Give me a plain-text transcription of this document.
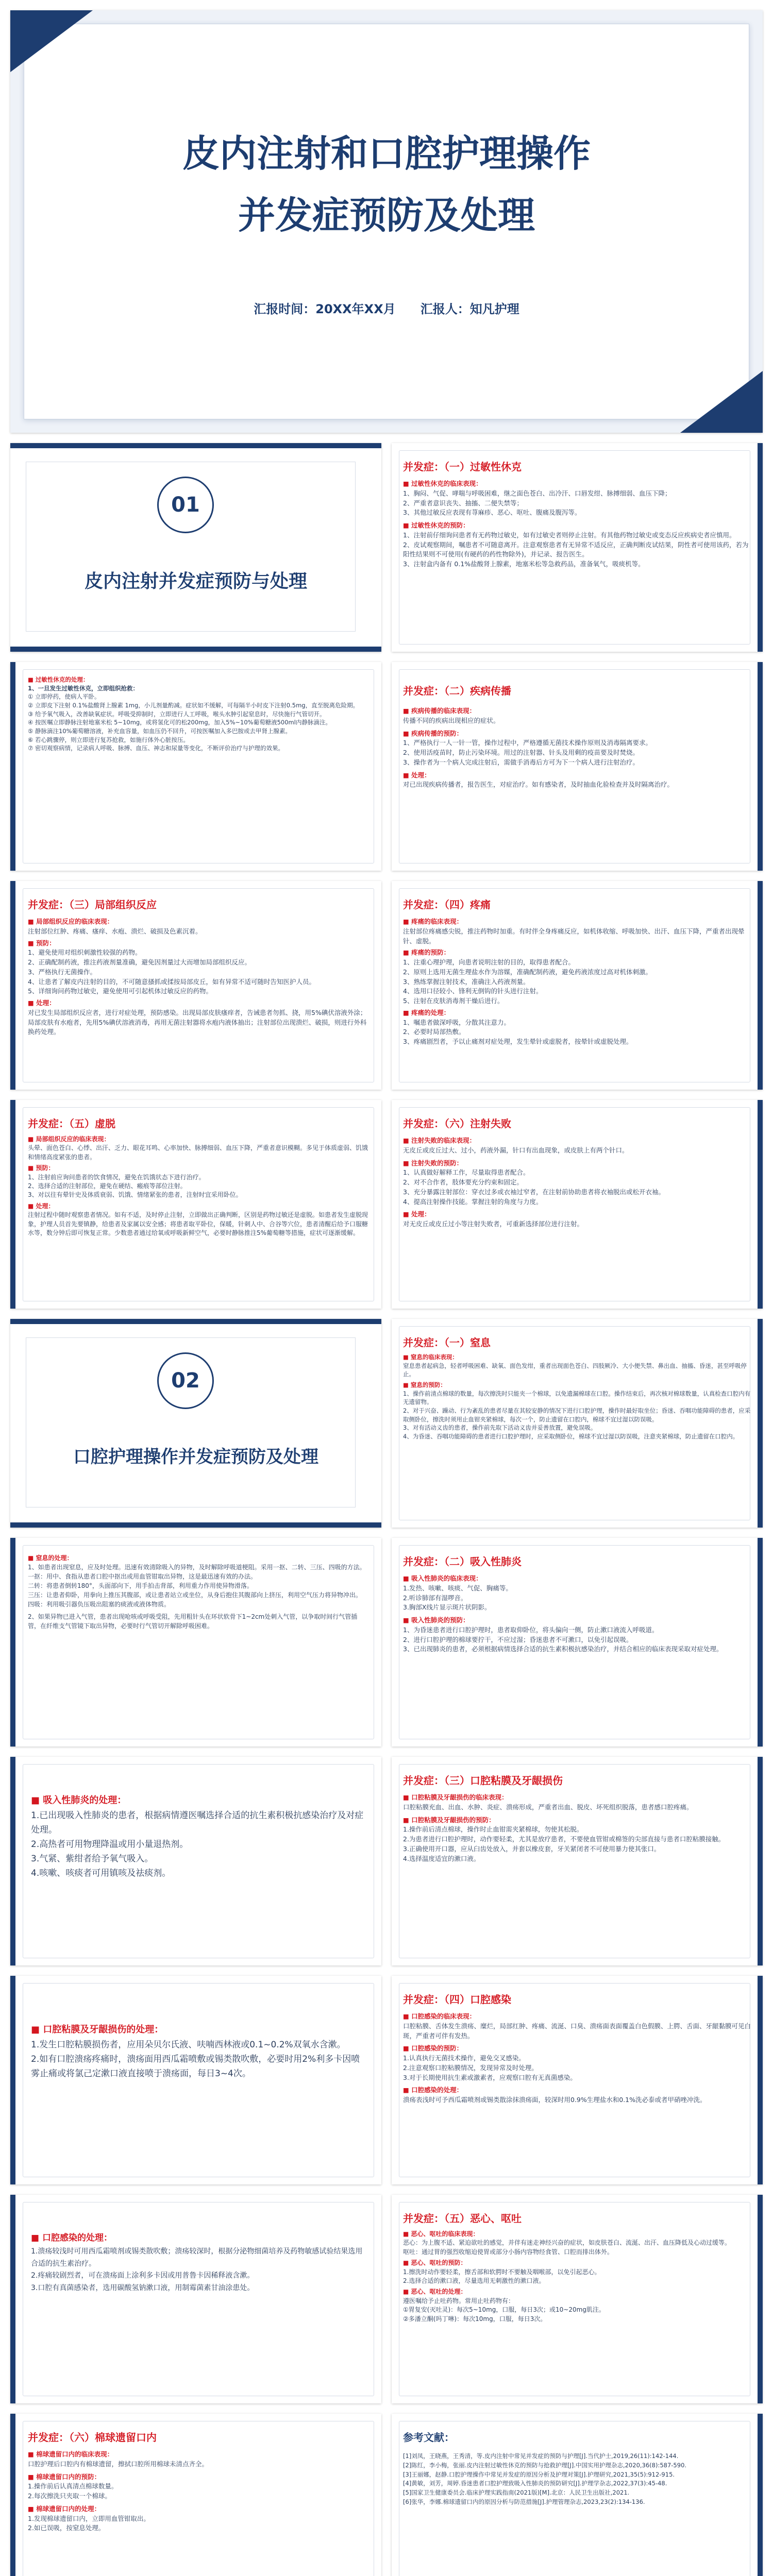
皮内注射和口腔护理操作
并发症预防及处理
汇报时间：20XX年XX月　　汇报人：知凡护理
01
皮内注射并发症预防与处理
并发症：（一）过敏性休克

■ 过敏性休克的临床表现：

1、胸闷、气促、哮喘与呼吸困难，继之面色苍白、出冷汗、口唇发绀、脉搏细弱、血压下降；

2、严重者意识丧失、抽搐、二便失禁等；

3、其他过敏反应表现有荨麻疹、恶心、呕吐、腹痛及腹泻等。

■ 过敏性休克的预防：

1、注射前仔细询问患者有无药物过敏史，如有过敏史者则停止注射。有其他药物过敏史或变态反应疾病史者应慎用。

2、皮试观察期间，嘱患者不可随意离开。注意观察患者有无异常不适反应，正确判断皮试结果，阴性者可使用该药，若为阳性结果则不可使用(有硬药的药性物除外)，并记录、报告医生。

3、注射盒内备有 0.1%盐酸肾上腺素，地塞米松等急救药品，准备氧气，吸痰机等。

■ 过敏性休克的处理：

1、一旦发生过敏性休克，立即组织抢救：

① 立即停药，使病人平卧。

② 立即皮下注射 0.1%盐酸肾上腺素 1mg，小儿剂量酌减。症状如不缓解，可每隔半小时皮下注射0.5mg，直至脱离危险期。

③ 给予氧气吸入，改善缺氧症状。呼吸受抑制时，立即进行人工呼吸，喉头水肿引起窒息时，尽快施行气管切开。

④ 按医嘱立即静脉注射地塞米松 5~10mg，或将氢化可的松200mg，加入5%~10%葡萄糖液500ml内静脉滴注。

⑤ 静脉滴注10%葡萄糖溶液，补充血容量，如血压仍不回升，可按医嘱加入多巴胺或去甲肾上腺素。

⑥ 若心跳骤停，则立即进行复苏抢救，如施行体外心脏按压。

⑦ 密切观察病情，记录病人呼吸、脉搏、血压、神志和尿量等变化，不断评价治疗与护理的效果。

并发症：（二）疾病传播

■ 疾病传播的临床表现：

传播不同的疾病出现相应的症状。

■ 疾病传播的预防：

1、严格执行一人一针一管，操作过程中，严格遵循无菌技术操作原则及消毒隔离要求。

2、使用活疫苗时，防止污染环境。用过的注射器、针头及用剩的疫苗要及时焚烧。

3、操作者为一个病人完成注射后，需做手消毒后方可为下一个病人进行注射治疗。

■ 处理：

对已出现疾病传播者，报告医生，对症治疗。如有感染者，及时抽血化验检查并及时隔离治疗。

并发症：（三）局部组织反应

■ 局部组织反应的临床表现：

注射部位红肿、疼痛、瘙痒、水疱、溃烂、破损及色素沉着。

■ 预防：

1、避免使用对组织刺激性较强的药物。

2、正确配制药液，推注药液剂量准确，避免因剂量过大而增加局部组织反应。

3、严格执行无菌操作。

4、让患者了解皮内注射的目的，不可随意搔抓或揉按局部皮丘，如有异常不适可随时告知医护人员。

5、详细询问药物过敏史，避免使用可引起机体过敏反应的药物。

■ 处理：

对已发生局部组织反应者，进行对症处理，预防感染。出现局部皮肤瘙痒者，告诫患者勿抓、挠，用5%碘伏溶液外涂；局部皮肤有水疱者，先用5%碘伏溶液消毒，再用无菌注射器将水疱内液体抽出；注射部位出现溃烂、破损，则进行外科换药处理。

并发症：（四）疼痛

■ 疼痛的临床表现：

注射部位疼痛感尖锐，推注药物时加重。有时伴全身疼痛反应，如机体收缩、呼吸加快、出汗、血压下降，严重者出现晕针、虚脱。

■ 疼痛的预防：

1、注重心理护理，向患者说明注射的目的，取得患者配合。

2、原则上选用无菌生理盐水作为溶媒，准确配制药液，避免药液浓度过高对机体刺激。

3、熟练掌握注射技术，准确注入药液剂量。

4、选用口径较小、锋利无倒钩的针头进行注射。

5、注射在皮肤消毒剂干燥后进行。

■ 疼痛的处理：

1、嘱患者做深呼吸，分散其注意力。

2、必要时局部热敷。

3、疼痛剧烈者，予以止痛剂对症处理，发生晕针或虚脱者，按晕针或虚脱处理。

并发症：（五）虚脱

■ 局部组织反应的临床表现：

头晕、面色苍白、心悸、出汗、乏力、眼花耳鸣、心率加快、脉搏细弱、血压下降，严重者意识模糊。多见于体质虚弱、饥饿和情绪高度紧张的患者。

■ 预防：

1、注射前应询问患者的饮食情况，避免在饥饿状态下进行治疗。

2、选择合适的注射部位，避免在硬结、瘢痕等部位注射。

3、对以往有晕针史及体质衰弱、饥饿、情绪紧张的患者，注射时宜采用卧位。

■ 处理：

注射过程中随时观察患者情况。如有不适，及时停止注射，立即做出正确判断，区别是药物过敏还是虚脱。如患者发生虚脱现象，护理人员首先要镇静，给患者及家属以安全感；将患者取平卧位，保暖，针刺人中、合谷等穴位，患者清醒后给予口服糖水等，数分钟后即可恢复正常。少数患者通过给氧或呼吸新鲜空气，必要时静脉推注5%葡萄糖等措施，症状可逐渐缓解。

并发症：（六）注射失败

■ 注射失败的临床表现：

无皮丘或皮丘过大、过小，药液外漏，针口有出血现象，或皮肤上有两个针口。

■ 注射失败的预防：

1、认真做好解释工作，尽量取得患者配合。

2、对不合作者，肢体要充分约束和固定。

3、充分暴露注射部位：穿衣过多或衣袖过窄者，在注射前协助患者将衣袖脱出或松开衣袖。

4、提高注射操作技能。掌握注射的角度与力度。

■ 处理：

对无皮丘或皮丘过小等注射失败者，可重新选择部位进行注射。

02
口腔护理操作并发症预防及处理
并发症：（一）窒息

■ 窒息的临床表现：

窒息患者起病急，轻者呼吸困难、缺氧、面色发绀，重者出现面色苍白、四肢厥冷、大小便失禁、鼻出血、抽搐、昏迷，甚至呼吸停止。

■ 窒息的预防：

1、操作前清点棉球的数量，每次擦洗时只能夹一个棉球，以免遗漏棉球在口腔。操作结束后，再次核对棉球数量，认真检查口腔内有无遗留物。

2、对于兴奋、躁动、行为紊乱的患者尽量在其较安静的情况下进行口腔护理，操作时最好取坐位；昏迷、吞咽功能障碍的患者，应采取侧卧位，擦洗时须用止血钳夹紧棉球，每次一个，防止遗留在口腔内，棉球不宜过湿以防误吸。

3、对有活动义齿的患者，操作前先取下活动义齿并妥善放置，避免误吸。

4、为昏迷、吞咽功能障碍的患者进行口腔护理时，应采取侧卧位，棉球不宜过湿以防误吸，注意夹紧棉球，防止遗留在口腔内。

■ 窒息的处理：

1、如患者出现窒息，应及时处理。迅速有效清除吸入的异物，及时解除呼吸道梗阻。采用一抠、二转、三压、四吸的方法。

一抠：用中、食指从患者口腔中抠出或用血管钳取出异物，这是最迅速有效的办法。

二转：将患者倒转180°，头面部向下，用手拍击背部，利用重力作用使异物滑落。

三压：让患者仰卧，用拳向上推压其腹部，或让患者站立或坐位，从身后抱住其腹部向上挤压，利用空气压力将异物冲出。

四吸：利用吸引器负压吸出阻塞的痰液或液体物质。

2、如果异物已进入气管，患者出现呛咳或呼吸受阻，先用粗针头在环状软骨下1~2cm处刺入气管，以争取时间行气管插管，在纤维支气管镜下取出异物，必要时行气管切开解除呼吸困难。

并发症：（二）吸入性肺炎

■ 吸入性肺炎的临床表现：

1.发热、咳嗽、咳痰、气促、胸痛等。

2.听诊肺部有湿啰音。

3.胸部X线片显示斑片状阴影。

■ 吸入性肺炎的预防：

1、为昏迷患者进行口腔护理时，患者取仰卧位，将头偏向一侧，防止漱口液流入呼吸道。

2、进行口腔护理的棉球要拧干，不应过湿；昏迷患者不可漱口，以免引起误吸。

3、已出现肺炎的患者，必须根据病情选择合适的抗生素积极抗感染治疗，并结合相应的临床表现采取对症处理。

■ 吸入性肺炎的处理：

1.已出现吸入性肺炎的患者，根据病情遵医嘱选择合适的抗生素积极抗感染治疗及对症处理。

2.高热者可用物理降温或用小量退热剂。

3.气紧、紫绀者给予氧气吸入。

4.咳嗽、咳痰者可用镇咳及祛痰剂。

并发症：（三）口腔粘膜及牙龈损伤

■ 口腔粘膜及牙龈损伤的临床表现：

口腔粘膜充血、出血、水肿、炎症、溃疡形成，严重者出血、脱皮、坏死组织脱落，患者感口腔疼痛。

■ 口腔粘膜及牙龈损伤的预防：

1.操作前后清点棉球，操作时止血钳需夹紧棉球，勿使其松脱。

2.为患者进行口腔护理时，动作要轻柔，尤其是放疗患者，不要使血管钳或棉签的尖部直接与患者口腔粘膜接触。

3.正确使用开口器，应从臼齿处放入，并套以橡皮套，牙关紧闭者不可使用暴力使其张口。

4.选择温度适宜的漱口液。

■ 口腔粘膜及牙龈损伤的处理：

1.发生口腔粘膜损伤者，应用朵贝尔氏液、呋喃西林液或0.1~0.2%双氧水含漱。

2.如有口腔溃疡疼痛时，溃疡面用西瓜霜喷敷或锡类散吹敷，必要时用2%利多卡因喷雾止痛或将氯己定漱口液直接喷于溃疡面，每日3~4次。

并发症：（四）口腔感染

■ 口腔感染的临床表现：

口腔粘膜、舌体发生溃疡、糜烂，局部红肿、疼痛、流涎、口臭、溃疡面表面覆盖白色假膜、上腭、舌面、牙龈黏膜可见白斑，严重者可伴有发热。

■ 口腔感染的预防：

1.认真执行无菌技术操作，避免交叉感染。

2.注意观察口腔粘膜情况，发现异常及时处理。

3.对于长期使用抗生素或激素者，应观察口腔有无真菌感染。

■ 口腔感染的处理：

溃疡表浅时可予西瓜霜喷剂或锡类散涂抹溃疡面，较深时用0.9%生理盐水和0.1%洗必泰或者甲硝唑冲洗。

■ 口腔感染的处理：

1.溃疡较浅时可用西瓜霜喷剂或锡类散吹敷；溃疡较深时，根据分泌物细菌培养及药物敏感试验结果选用合适的抗生素治疗。

2.疼痛较剧烈者，可在溃疡面上涂利多卡因或用普鲁卡因稀释液含漱。

3.口腔有真菌感染者，选用碳酸氢钠漱口液，用制霉菌素甘油涂患处。

并发症：（五）恶心、呕吐

■ 恶心、呕吐的临床表现：

恶心：为上腹不适、紧迫欲吐的感觉，并伴有迷走神经兴奋的症状，如皮肤苍白、流涎、出汗、血压降低及心动过缓等。

呕吐：通过胃的强烈收缩迫使胃或部分小肠内容物经食管、口腔而排出体外。

■ 恶心、呕吐的预防：

1.擦洗时动作要轻柔，擦舌部和软腭时不要触及咽喉部，以免引起恶心。

2.选择合适的漱口液，尽量选用无刺激性的漱口液。

■ 恶心、呕吐的处理：

遵医嘱给予止吐药物。常用止吐药物有：

①胃复安(灭吐灵)：每次5~10mg，口服，每日3次；或10~20mg肌注。

②多潘立酮(吗丁啉)：每次10mg，口服，每日3次。

并发症：（六）棉球遗留口内

■ 棉球遗留口内的临床表现：

口腔护理后口腔内有棉球遗留，擦拭口腔所用棉球未清点齐全。

■ 棉球遗留口内的预防：

1.操作前后认真清点棉球数量。

2.每次擦洗只夹取一个棉球。

■ 棉球遗留口内的处理：

1.发现棉球遗留口内，立即用血管钳取出。

2.如已误吸，按窒息处理。

参考文献：

[1]刘凤，王晓燕，王秀清，等.皮内注射中常见并发症的预防与护理[J].当代护士,2019,26(11):142-144.

[2]陈红，李小梅，张丽.皮内注射过敏性休克的预防与抢救护理[J].中国实用护理杂志,2020,36(8):587-590.

[3]王丽娜，赵静.口腔护理操作中常见并发症的原因分析及护理对策[J].护理研究,2021,35(5):912-915.

[4]黄敏，刘芳，周婷.昏迷患者口腔护理致吸入性肺炎的预防研究[J].护理学杂志,2022,37(3):45-48.

[5]国家卫生健康委员会.临床护理实践指南(2021版)[M].北京：人民卫生出版社,2021.

[6]张华，李娜.棉球遗留口内的原因分析与防范措施[J].护理管理杂志,2023,23(2):134-136.
